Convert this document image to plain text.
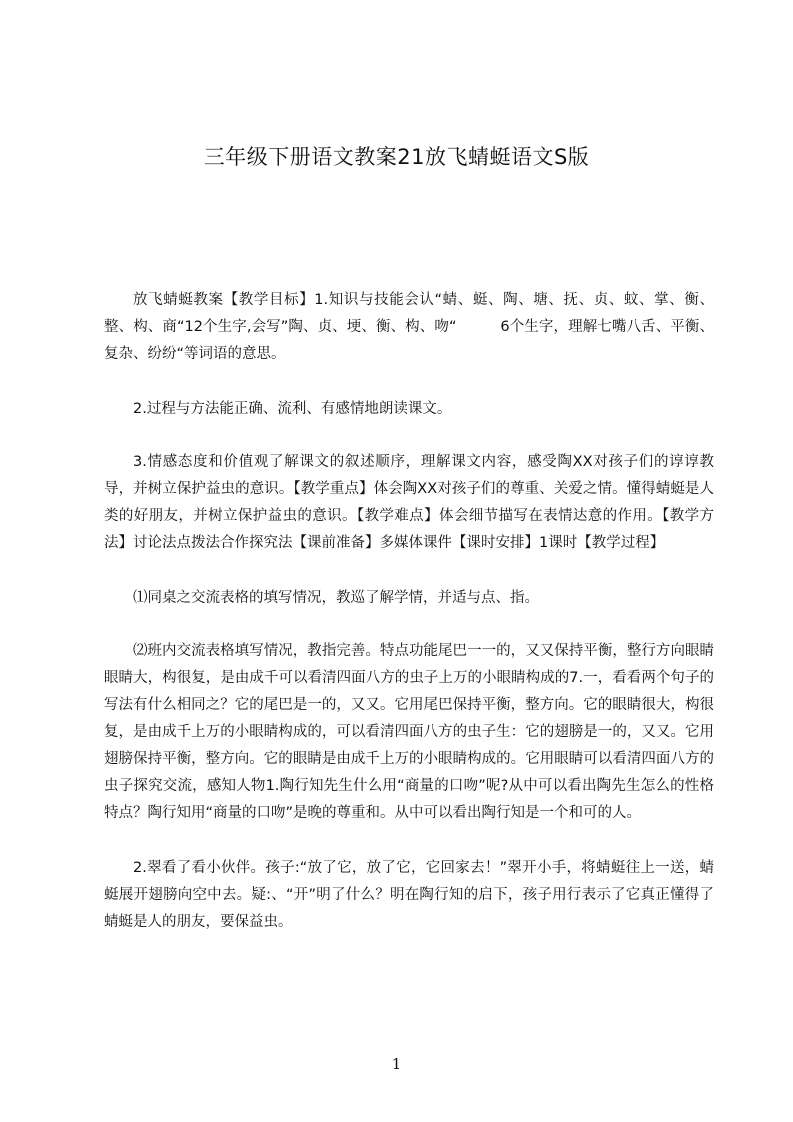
三年级下册语文教案21放飞蜻蜓语文S版

放飞蜻蜓教案【教学目标】1.知识与技能会认“蜻、蜓、陶、塘、抚、贞、蚊、掌、衡、整、构、商“12个生字,会写”陶、贞、埂、衡、构、吻“　　　6个生字，理解七嘴八舌、平衡、复杂、纷纷“等词语的意思。

2.过程与方法能正确、流利、有感情地朗读课文。

3.情感态度和价值观了解课文的叙述顺序，理解课文内容，感受陶XX对孩子们的谆谆教导，并树立保护益虫的意识。【教学重点】体会陶XX对孩子们的尊重、关爱之情。懂得蜻蜓是人类的好朋友，并树立保护益虫的意识。【教学难点】体会细节描写在表情达意的作用。【教学方法】讨论法点拨法合作探究法【课前准备】多媒体课件【课时安排】1课时【教学过程】

⑴同桌之交流表格的填写情况，教巡了解学情，并适与点、指。

⑵班内交流表格填写情况，教指完善。特点功能尾巴一一的，又又保持平衡，整行方向眼睛眼睛大，构很复，是由成千可以看清四面八方的虫子上万的小眼睛构成的7.一，看看两个句子的写法有什么相同之？它的尾巴是一的，又又。它用尾巴保持平衡，整方向。它的眼睛很大，构很复，是由成千上万的小眼睛构成的，可以看清四面八方的虫子生：它的翅膀是一的，又又。它用翅膀保持平衡，整方向。它的眼睛是由成千上万的小眼睛构成的。它用眼睛可以看清四面八方的虫子探究交流，感知人物1.陶行知先生什么用“商量的口吻”呢?从中可以看出陶先生怎么的性格特点？陶行知用“商量的口吻”是晚的尊重和。从中可以看出陶行知是一个和可的人。

2.翠看了看小伙伴。孩子:“放了它，放了它，它回家去！”翠开小手，将蜻蜓往上一送，蜻蜓展开翅膀向空中去。疑:、“开”明了什么？明在陶行知的启下，孩子用行表示了它真正懂得了蜻蜓是人的朋友，要保益虫。

1
